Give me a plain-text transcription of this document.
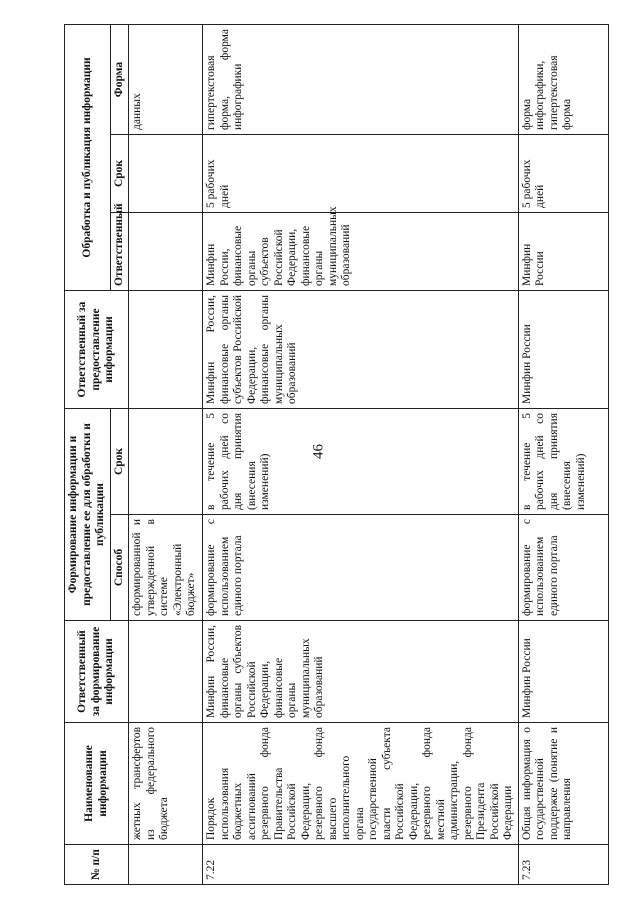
46
№ п/п	Наименование информации	Ответственный за формирование информации	Формирование информации и предоставление ее для обработки и публикации		Ответственный за предоставление информации	Обработка и публикация информации		
			Способ	Срок		Ответственный	Срок	Форма
	жетных трансфертов из федерального бюджета		сформированной и утвержденной в системе «Электронный бюджет»					данных
7.22	Порядок использования бюджетных ассигнований резервного фонда Правительства Российской Федерации, резервного фонда высшего исполнительного органа государственной власти субъекта Российской Федерации, резервного фонда местной администрации, резервного фонда Президента Российской Федерации	Минфин России, финансовые органы субъектов Российской Федерации, финансовые органы муниципальных образований	формирование с использованием единого портала	в течение 5 рабочих дней со дня принятия (внесения изменений)	Минфин России, финансовые органы субъектов Российской Федерации, финансовые органы муниципальных образований	Минфин России, финансовые органы субъектов Российской Федерации, финансовые органы муниципальных образований	5 рабочих дней	гипертекстовая форма, форма инфографики
7.23	Общая информация о государственной поддержке (понятие и направления	Минфин России	формирование с использованием единого портала	в течение 5 рабочих дней со дня принятия (внесения изменений)	Минфин России	Минфин России	5 рабочих дней	форма инфографики, гипертекстовая форма
